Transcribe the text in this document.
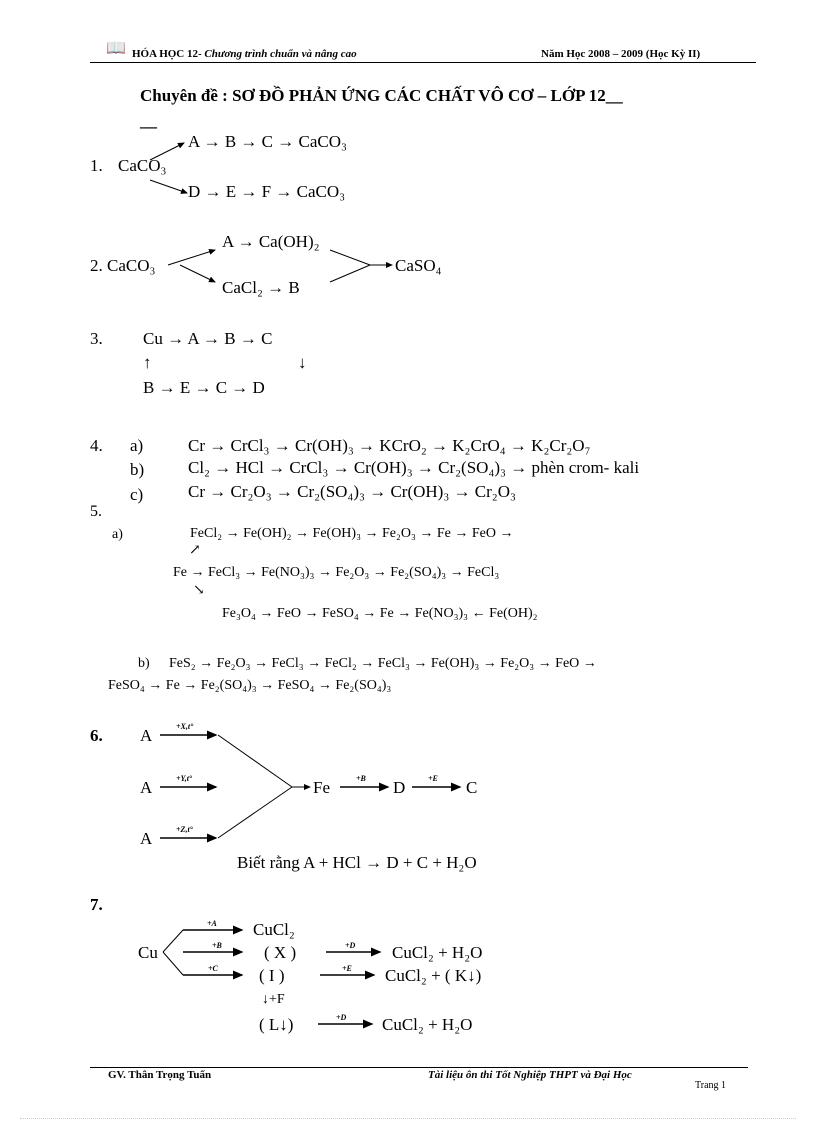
📖 HÓA HỌC 12- Chương trình chuẩn và nâng cao	Năm Học 2008 – 2009 (Học Kỳ II)
Chuyên đề : SƠ ĐỒ PHẢN ỨNG CÁC CHẤT VÔ CƠ – LỚP 12__
__
1. CaCO₃
A → B → C → CaCO₃
D → E → F → CaCO₃
2. CaCO₃
A → Ca(OH)₂
CaCl₂ → B
CaSO₄
3. Cu → A → B → C
↑	↓
B → E → C → D
4. a)	Cr → CrCl₃ → Cr(OH)₃ → KCrO₂ → K₂CrO₄ → K₂Cr₂O₇
b)	Cl₂ → HCl → CrCl₃ → Cr(OH)₃ → Cr₂(SO₄)₃ → phèn crom- kali
c)	Cr → Cr₂O₃ → Cr₂(SO₄)₃ → Cr(OH)₃ → Cr₂O₃
5.
a)	FeCl₂ → Fe(OH)₂ → Fe(OH)₃ → Fe₂O₃ → Fe → FeO →
↗
Fe → FeCl₃ → Fe(NO₃)₃ → Fe₂O₃ → Fe₂(SO₄)₃ → FeCl₃
↘
Fe₃O₄ → FeO → FeSO₄ → Fe → Fe(NO₃)₃ ← Fe(OH)₂
b) FeS₂ → Fe₂O₃ → FeCl₃ → FeCl₂ → FeCl₃ → Fe(OH)₃ → Fe₂O₃ → FeO →
FeSO₄ → Fe → Fe₂(SO₄)₃ → FeSO₄ → Fe₂(SO₄)₃
6. A	+X,t°
A	+Y,t°
A	+Z,t°
Fe	+B D	+E C
Biết rằng A + HCl → D + C + H₂O
7.
Cu
+A CuCl₂
+B ( X )	+D CuCl₂ + H₂O
+C ( I )	+E CuCl₂ + ( K↓)
↓+F
( L↓)	+D CuCl₂ + H₂O
GV. Thân Trọng Tuấn	Tài liệu ôn thi Tốt Nghiệp THPT và Đại Học
Trang 1
